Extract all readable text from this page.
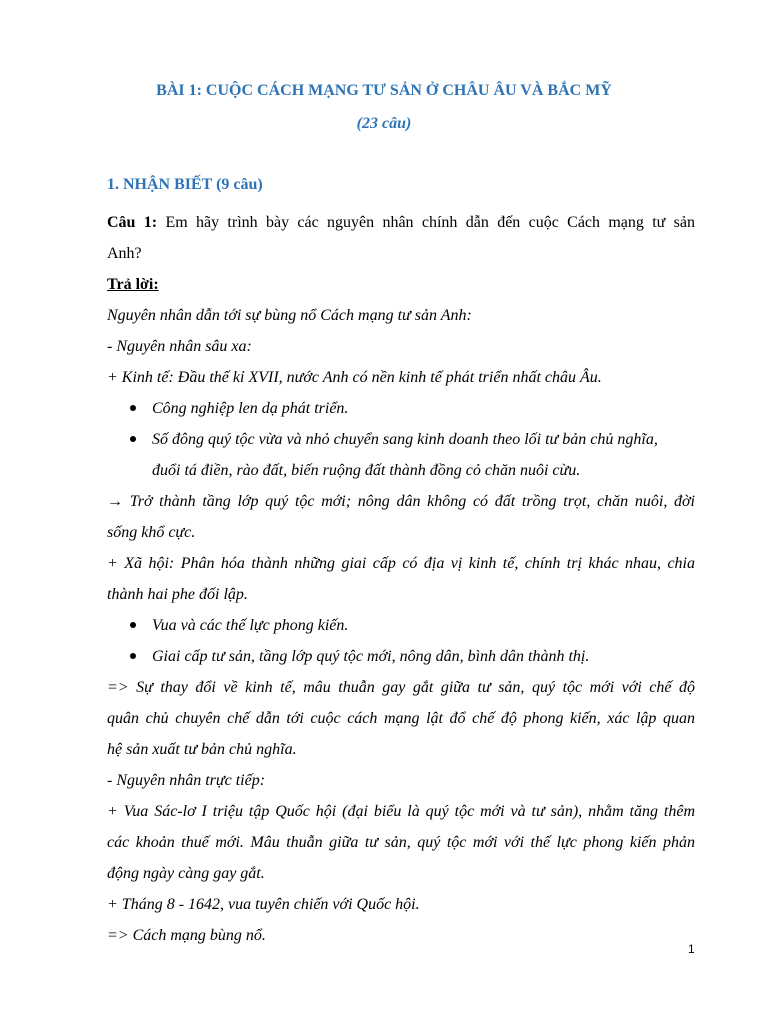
BÀI 1: CUỘC CÁCH MẠNG TƯ SẢN Ở CHÂU ÂU VÀ BẮC MỸ
(23 câu)
1. NHẬN BIẾT (9 câu)
Câu 1: Em hãy trình bày các nguyên nhân chính dẫn đến cuộc Cách mạng tư sản
Anh?
Trả lời:
Nguyên nhân dẫn tới sự bùng nổ Cách mạng tư sản Anh:
- Nguyên nhân sâu xa:
+ Kinh tế: Đầu thế kỉ XVII, nước Anh có nền kinh tế phát triển nhất châu Âu.
Công nghiệp len dạ phát triển.
Số đông quý tộc vừa và nhỏ chuyển sang kinh doanh theo lối tư bản chủ nghĩa,
đuổi tá điền, rào đất, biến ruộng đất thành đồng cỏ chăn nuôi cừu.
→ Trở thành tầng lớp quý tộc mới; nông dân không có đất trồng trọt, chăn nuôi, đời
sống khổ cực.
+ Xã hội: Phân hóa thành những giai cấp có địa vị kinh tế, chính trị khác nhau, chia
thành hai phe đối lập.
Vua và các thế lực phong kiến.
Giai cấp tư sản, tầng lớp quý tộc mới, nông dân, bình dân thành thị.
=> Sự thay đổi về kinh tế, mâu thuẫn gay gắt giữa tư sản, quý tộc mới với chế độ
quân chủ chuyên chế dẫn tới cuộc cách mạng lật đổ chế độ phong kiến, xác lập quan
hệ sản xuất tư bản chủ nghĩa.
- Nguyên nhân trực tiếp:
+ Vua Sác-lơ I triệu tập Quốc hội (đại biểu là quý tộc mới và tư sản), nhằm tăng thêm
các khoản thuế mới. Mâu thuẫn giữa tư sản, quý tộc mới với thế lực phong kiến phản
động ngày càng gay gắt.
+ Tháng 8 - 1642, vua tuyên chiến với Quốc hội.
=> Cách mạng bùng nổ.
1
